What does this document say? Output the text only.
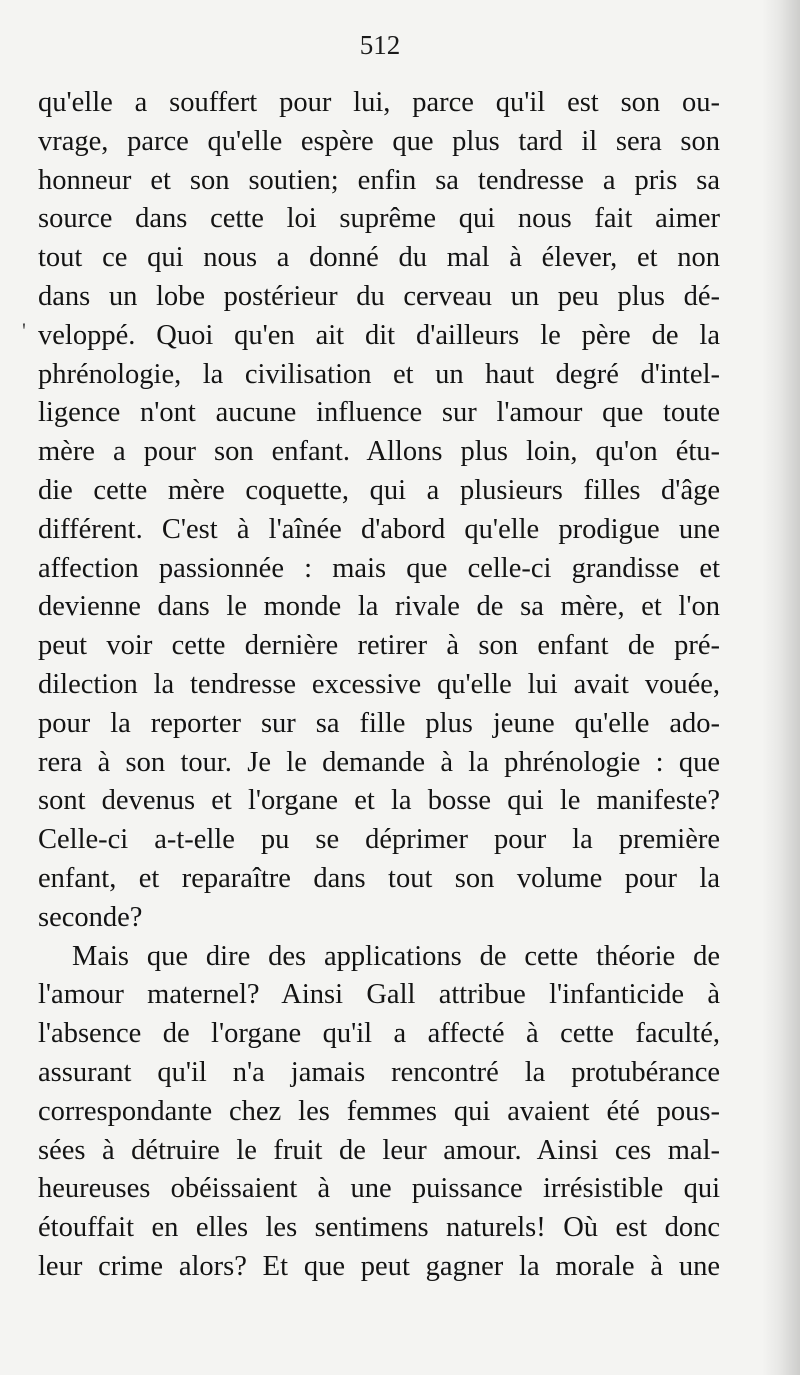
512
qu'elle a souffert pour lui, parce qu'il est son ou-
vrage, parce qu'elle espère que plus tard il sera son
honneur et son soutien; enfin sa tendresse a pris sa
source dans cette loi suprême qui nous fait aimer
tout ce qui nous a donné du mal à élever, et non
dans un lobe postérieur du cerveau un peu plus dé-
veloppé. Quoi qu'en ait dit d'ailleurs le père de la
phrénologie, la civilisation et un haut degré d'intel-
ligence n'ont aucune influence sur l'amour que toute
mère a pour son enfant. Allons plus loin, qu'on étu-
die cette mère coquette, qui a plusieurs filles d'âge
différent. C'est à l'aînée d'abord qu'elle prodigue une
affection passionnée : mais que celle-ci grandisse et
devienne dans le monde la rivale de sa mère, et l'on
peut voir cette dernière retirer à son enfant de pré-
dilection la tendresse excessive qu'elle lui avait vouée,
pour la reporter sur sa fille plus jeune qu'elle ado-
rera à son tour. Je le demande à la phrénologie : que
sont devenus et l'organe et la bosse qui le manifeste?
Celle-ci a-t-elle pu se déprimer pour la première
enfant, et reparaître dans tout son volume pour la
seconde?
Mais que dire des applications de cette théorie de
l'amour maternel? Ainsi Gall attribue l'infanticide à
l'absence de l'organe qu'il a affecté à cette faculté,
assurant qu'il n'a jamais rencontré la protubérance
correspondante chez les femmes qui avaient été pous-
sées à détruire le fruit de leur amour. Ainsi ces mal-
heureuses obéissaient à une puissance irrésistible qui
étouffait en elles les sentimens naturels! Où est donc
leur crime alors? Et que peut gagner la morale à une
'
